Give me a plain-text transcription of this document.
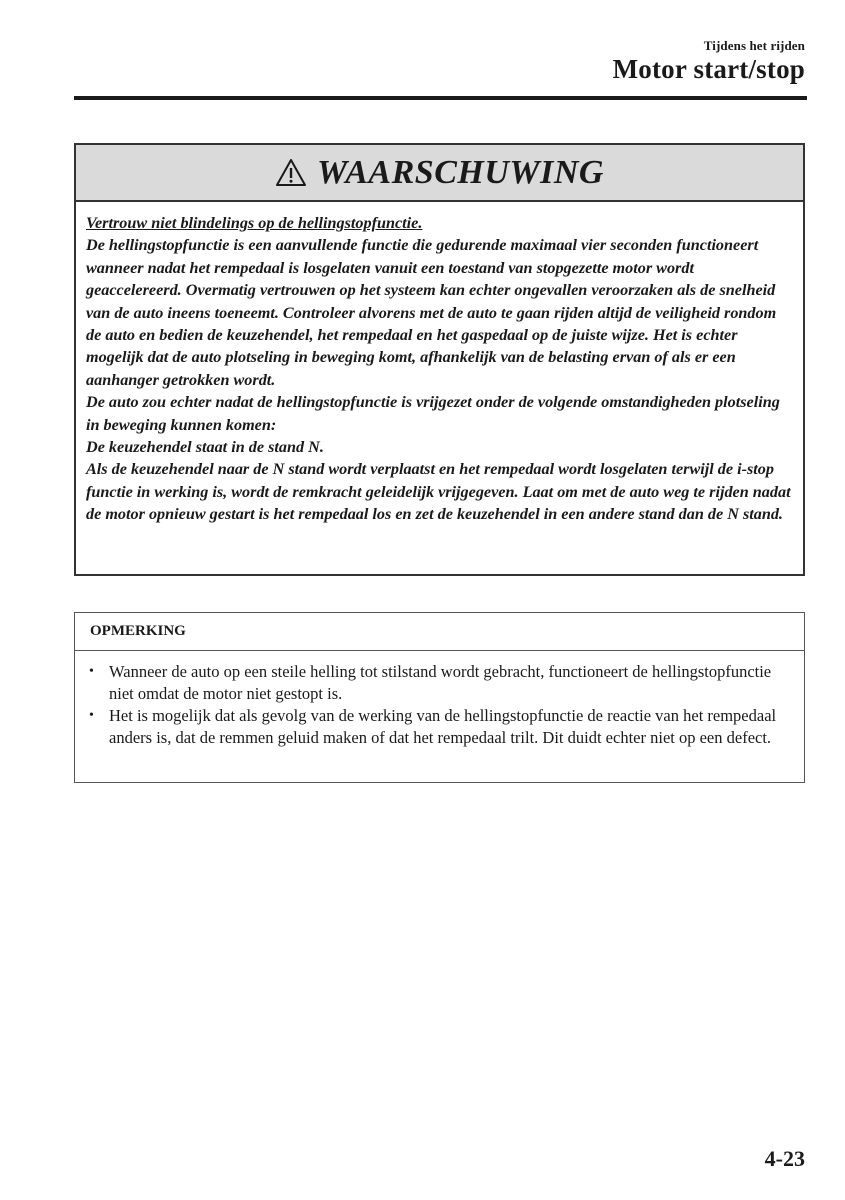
Tijdens het rijden
Motor start/stop
WAARSCHUWING

Vertrouw niet blindelings op de hellingstopfunctie.

De hellingstopfunctie is een aanvullende functie die gedurende maximaal vier seconden functioneert wanneer nadat het rempedaal is losgelaten vanuit een toestand van stopgezette motor wordt geaccelereerd. Overmatig vertrouwen op het systeem kan echter ongevallen veroorzaken als de snelheid van de auto ineens toeneemt. Controleer alvorens met de auto te gaan rijden altijd de veiligheid rondom de auto en bedien de keuzehendel, het rempedaal en het gaspedaal op de juiste wijze. Het is echter mogelijk dat de auto plotseling in beweging komt, afhankelijk van de belasting ervan of als er een aanhanger getrokken wordt.

De auto zou echter nadat de hellingstopfunctie is vrijgezet onder de volgende omstandigheden plotseling in beweging kunnen komen:

De keuzehendel staat in de stand N.

Als de keuzehendel naar de N stand wordt verplaatst en het rempedaal wordt losgelaten terwijl de i-stop functie in werking is, wordt de remkracht geleidelijk vrijgegeven. Laat om met de auto weg te rijden nadat de motor opnieuw gestart is het rempedaal los en zet de keuzehendel in een andere stand dan de N stand.

OPMERKING
• Wanneer de auto op een steile helling tot stilstand wordt gebracht, functioneert de hellingstopfunctie niet omdat de motor niet gestopt is.
• Het is mogelijk dat als gevolg van de werking van de hellingstopfunctie de reactie van het rempedaal anders is, dat de remmen geluid maken of dat het rempedaal trilt. Dit duidt echter niet op een defect.
4-23
